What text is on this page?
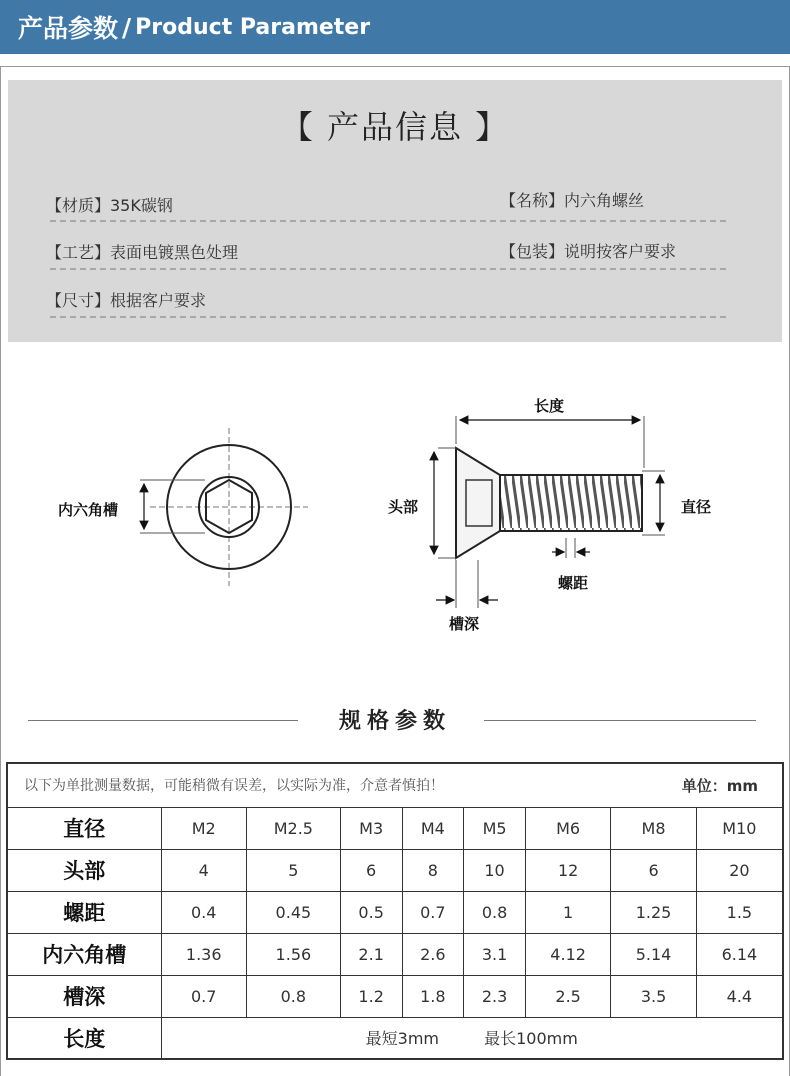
产品参数 / Product Parameter
【 产品信息 】
【材质】35K碳钢	【名称】内六角螺丝
【工艺】表面电镀黑色处理	【包装】说明按客户要求
【尺寸】根据客户要求
内六角槽
长度
头部	直径
螺距
槽深
规格参数
以下为单批测量数据，可能稍微有误差，以实际为准，介意者慎拍！ 单位：mm								

直径	M2	M2.5	M3	M4	M5	M6	M8	M10
头部	4	5	6	8	10	12	6	20
螺距	0.4	0.45	0.5	0.7	0.8	1	1.25	1.5
内六角槽	1.36	1.56	2.1	2.6	3.1	4.12	5.14	6.14
槽深	0.7	0.8	1.2	1.8	2.3	2.5	3.5	4.4
长度	最短3mm 最长100mm							
